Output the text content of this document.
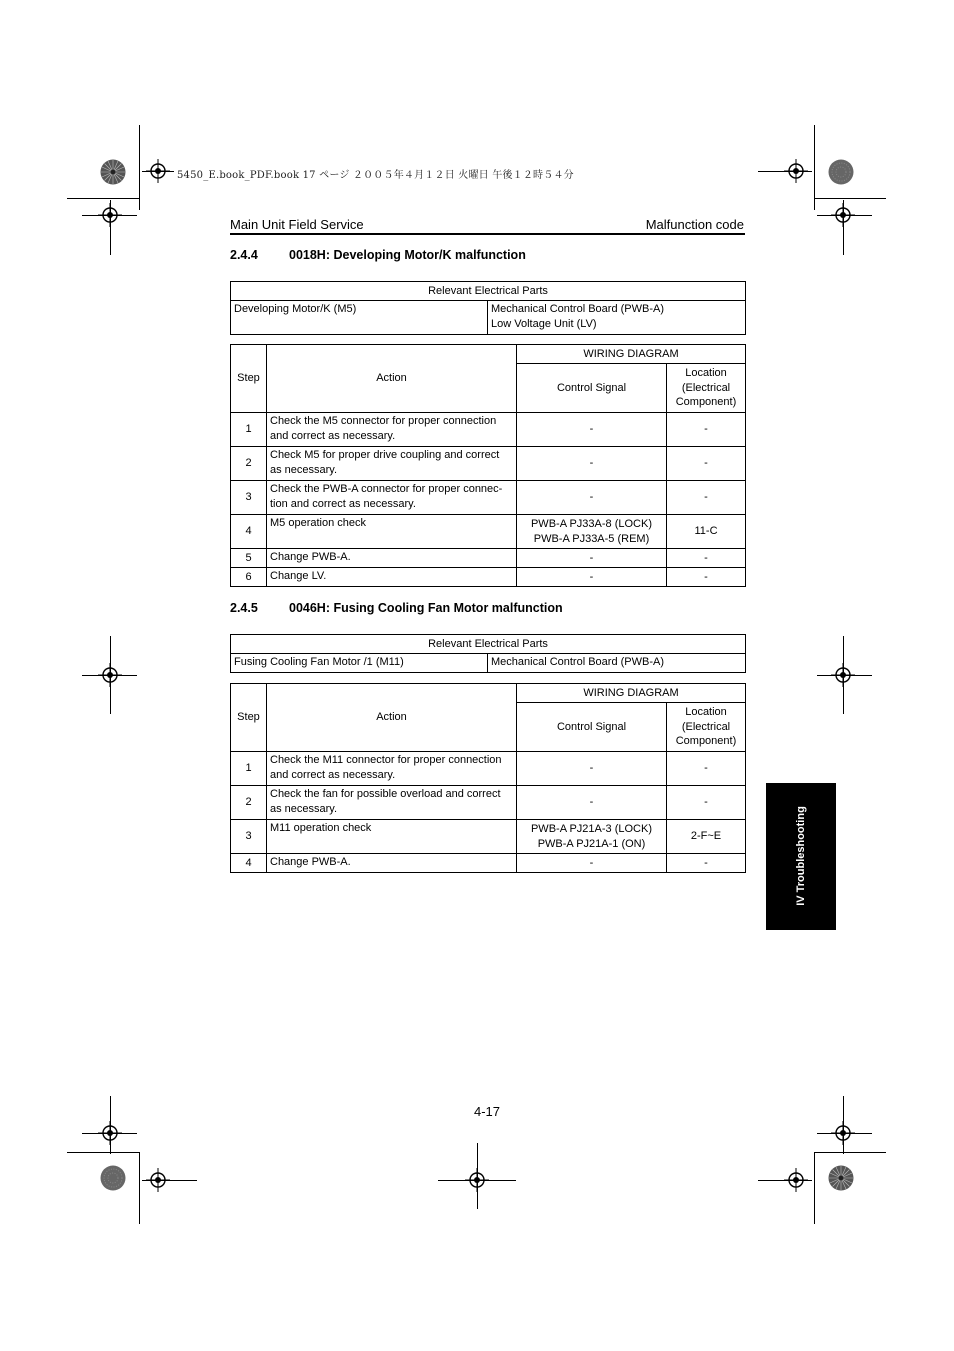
5450_E.book_PDF.book 17 ページ ２００５年４月１２日 火曜日 午後１２時５４分
Main Unit Field Service	Malfunction code
2.4.4 0018H: Developing Motor/K malfunction
Relevant Electrical Parts
Developing Motor/K (M5)	Mechanical Control Board (PWB-A)
Low Voltage Unit (LV)
Step	Action	WIRING DIAGRAM	
		Control Signal	Location
(Electrical
Component)
1	Check the M5 connector for proper connection
and correct as necessary.	-	-
2	Check M5 for proper drive coupling and correct
as necessary.	-	-
3	Check the PWB-A connector for proper connec-
tion and correct as necessary.	-	-
4	M5 operation check	PWB-A PJ33A-8 (LOCK)
PWB-A PJ33A-5 (REM)	11-C
5	Change PWB-A.	-	-
6	Change LV.	-	-
2.4.5 0046H: Fusing Cooling Fan Motor malfunction
Relevant Electrical Parts
Fusing Cooling Fan Motor /1 (M11)	Mechanical Control Board (PWB-A)
Step	Action	WIRING DIAGRAM	
		Control Signal	Location
(Electrical
Component)
1	Check the M11 connector for proper connection
and correct as necessary.	-	-
2	Check the fan for possible overload and correct
as necessary.	-	-
3	M11 operation check	PWB-A PJ21A-3 (LOCK)
PWB-A PJ21A-1 (ON)	2-F~E
4	Change PWB-A.	-	-	IV Troubleshooting
4-17
